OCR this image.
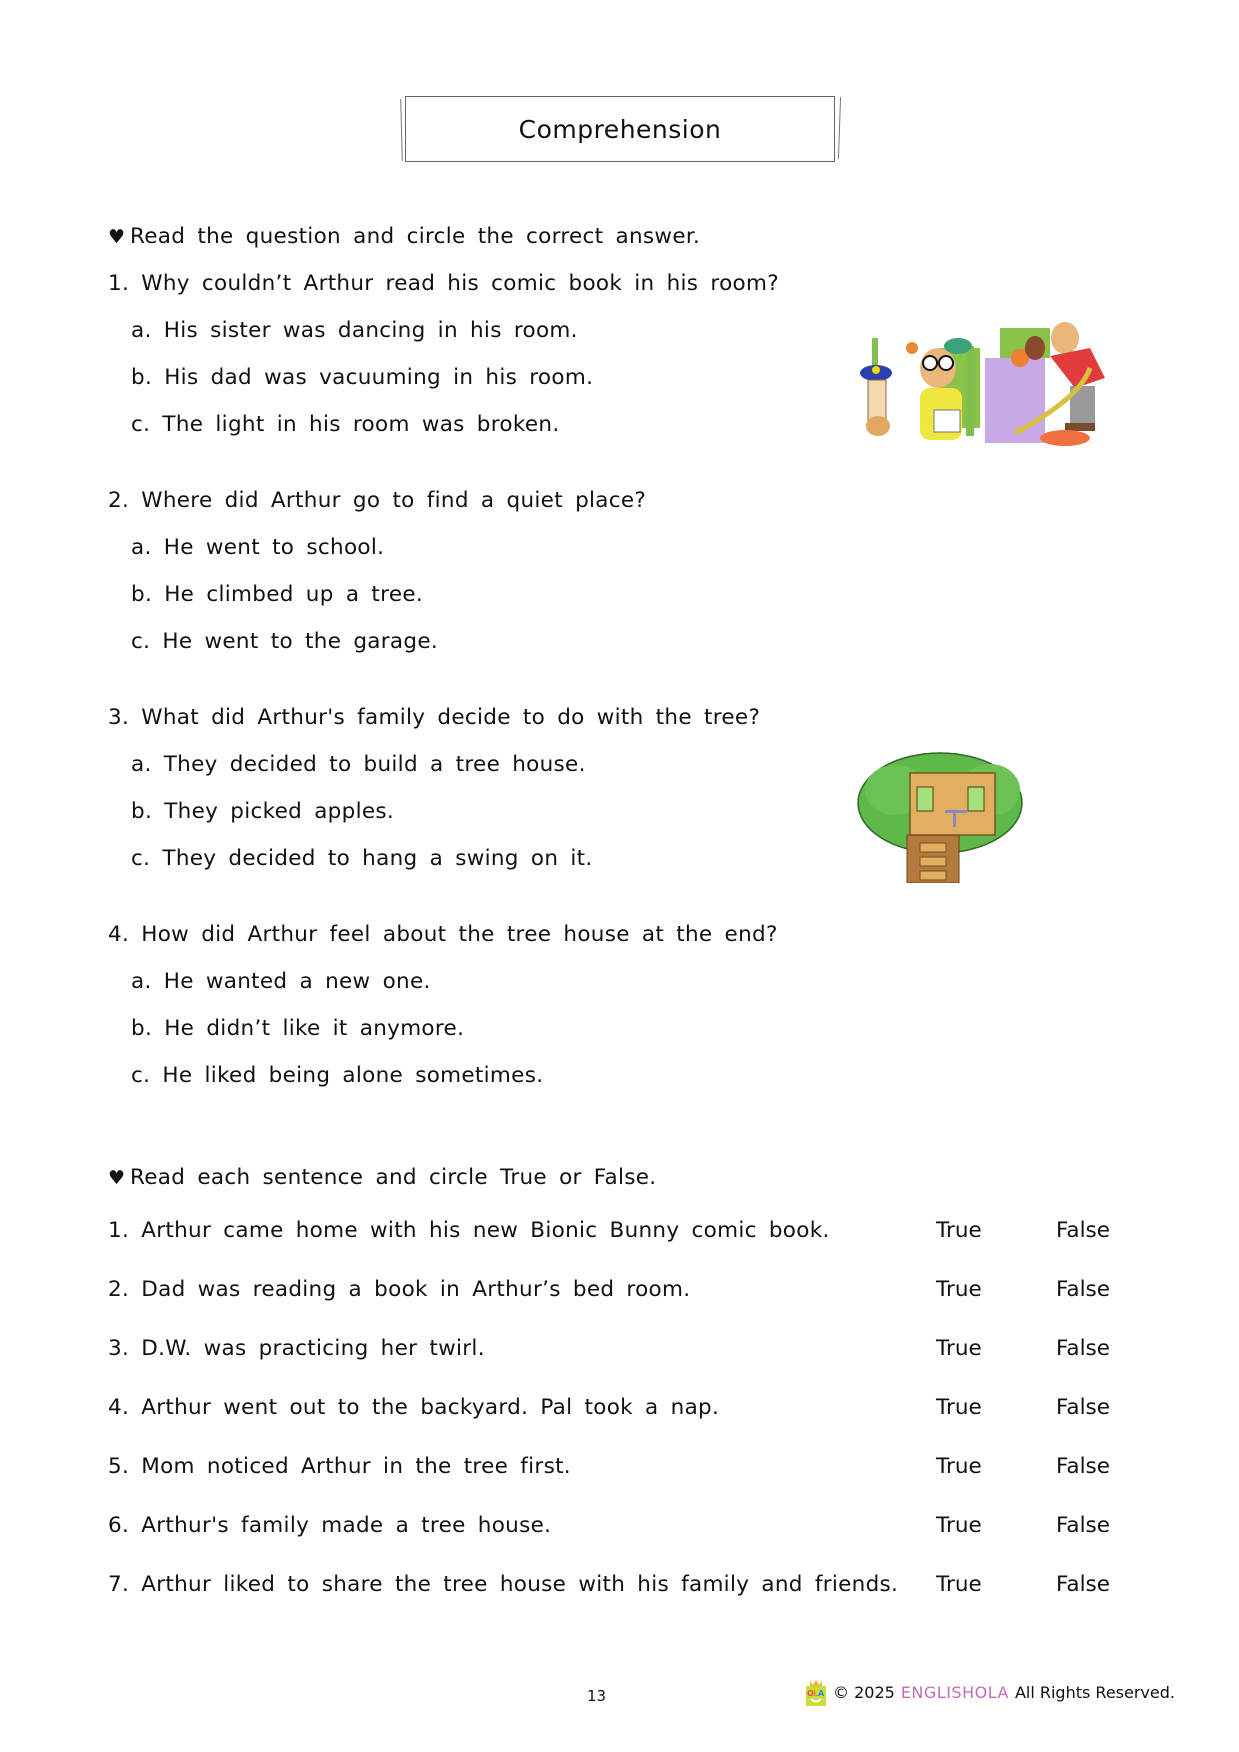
Comprehension
♥ Read the question and circle the correct answer.
1. Why couldn’t Arthur read his comic book in his room?
a. His sister was dancing in his room.
b. His dad was vacuuming in his room.
c. The light in his room was broken.
2. Where did Arthur go to find a quiet place?
a. He went to school.
b. He climbed up a tree.
c. He went to the garage.
3. What did Arthur's family decide to do with the tree?
a. They decided to build a tree house.
b. They picked apples.
c. They decided to hang a swing on it.
4. How did Arthur feel about the tree house at the end?
a. He wanted a new one.
b. He didn’t like it anymore.
c. He liked being alone sometimes.
♥ Read each sentence and circle True or False.
1. Arthur came home with his new Bionic Bunny comic book.	True	False
2. Dad was reading a book in Arthur’s bed room.	True	False
3. D.W. was practicing her twirl.	True	False
4. Arthur went out to the backyard. Pal took a nap.	True	False
5. Mom noticed Arthur in the tree first.	True	False
6. Arthur's family made a tree house.	True	False
7. Arthur liked to share the tree house with his family and friends. True	False
13	O L A © 2025 ENGLISHOLA All Rights Reserved.
